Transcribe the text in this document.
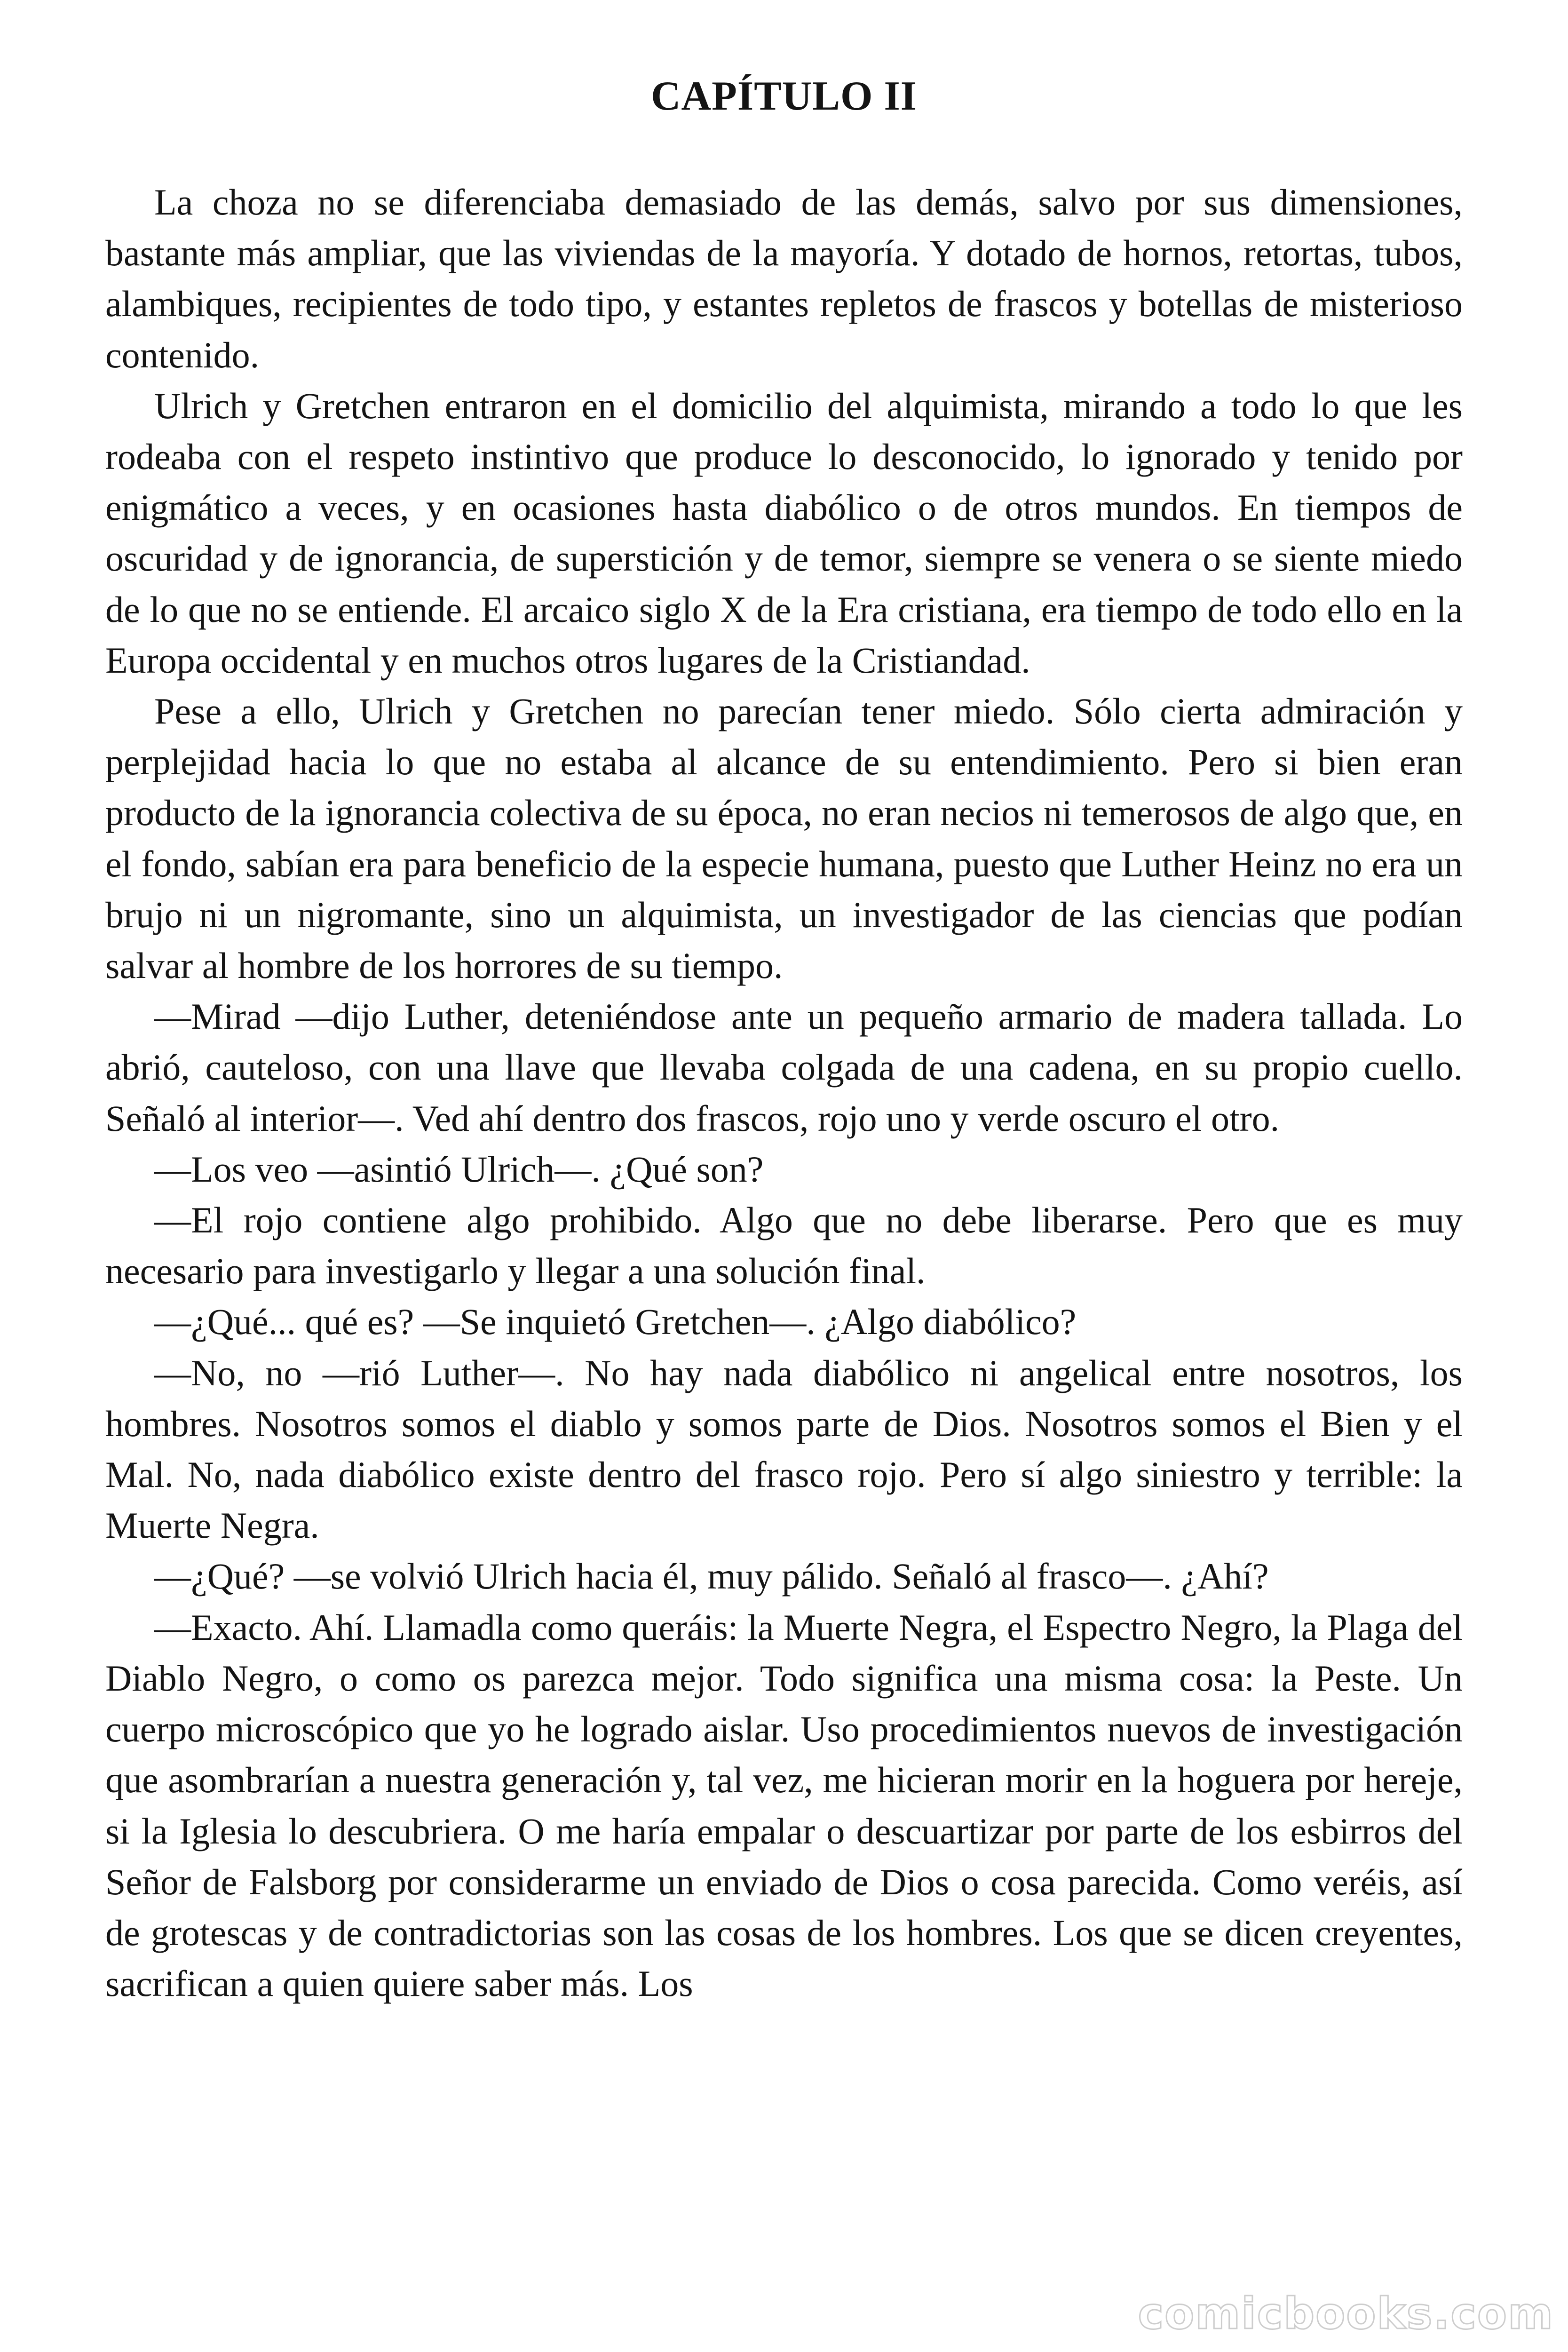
CAPÍTULO II

La choza no se diferenciaba demasiado de las demás, salvo por sus dimensiones, bastante más ampliar, que las viviendas de la mayoría. Y dotado de hornos, retortas, tubos, alambiques, recipientes de todo tipo, y estantes repletos de frascos y botellas de misterioso contenido.

Ulrich y Gretchen entraron en el domicilio del alquimista, mirando a todo lo que les rodeaba con el respeto instintivo que produce lo desconocido, lo ignorado y tenido por enigmático a veces, y en ocasiones hasta diabólico o de otros mundos. En tiempos de oscuridad y de ignorancia, de superstición y de temor, siempre se venera o se siente miedo de lo que no se entiende. El arcaico siglo X de la Era cristiana, era tiempo de todo ello en la Europa occidental y en muchos otros lugares de la Cristiandad.

Pese a ello, Ulrich y Gretchen no parecían tener miedo. Sólo cierta admiración y perplejidad hacia lo que no estaba al alcance de su entendimiento. Pero si bien eran producto de la ignorancia colectiva de su época, no eran necios ni temerosos de algo que, en el fondo, sabían era para beneficio de la especie humana, puesto que Luther Heinz no era un brujo ni un nigromante, sino un alquimista, un investigador de las ciencias que podían salvar al hombre de los horrores de su tiempo.

—Mirad —dijo Luther, deteniéndose ante un pequeño armario de madera tallada. Lo abrió, cauteloso, con una llave que llevaba colgada de una cadena, en su propio cuello. Señaló al interior—. Ved ahí dentro dos frascos, rojo uno y verde oscuro el otro.

—Los veo —asintió Ulrich—. ¿Qué son?

—El rojo contiene algo prohibido. Algo que no debe liberarse. Pero que es muy necesario para investigarlo y llegar a una solución final.

—¿Qué... qué es? —Se inquietó Gretchen—. ¿Algo diabólico?

—No, no —rió Luther—. No hay nada diabólico ni angelical entre nosotros, los hombres. Nosotros somos el diablo y somos parte de Dios. Nosotros somos el Bien y el Mal. No, nada diabólico existe dentro del frasco rojo. Pero sí algo siniestro y terrible: la Muerte Negra.

—¿Qué? —se volvió Ulrich hacia él, muy pálido. Señaló al frasco—. ¿Ahí?

—Exacto. Ahí. Llamadla como queráis: la Muerte Negra, el Espectro Negro, la Plaga del Diablo Negro, o como os parezca mejor. Todo significa una misma cosa: la Peste. Un cuerpo microscópico que yo he logrado aislar. Uso procedimientos nuevos de investigación que asombrarían a nuestra generación y, tal vez, me hicieran morir en la hoguera por hereje, si la Iglesia lo descubriera. O me haría empalar o descuartizar por parte de los esbirros del Señor de Falsborg por considerarme un enviado de Dios o cosa parecida. Como veréis, así de grotescas y de contradictorias son las cosas de los hombres. Los que se dicen creyentes, sacrifican a quien quiere saber más. Los

comicbooks.com
